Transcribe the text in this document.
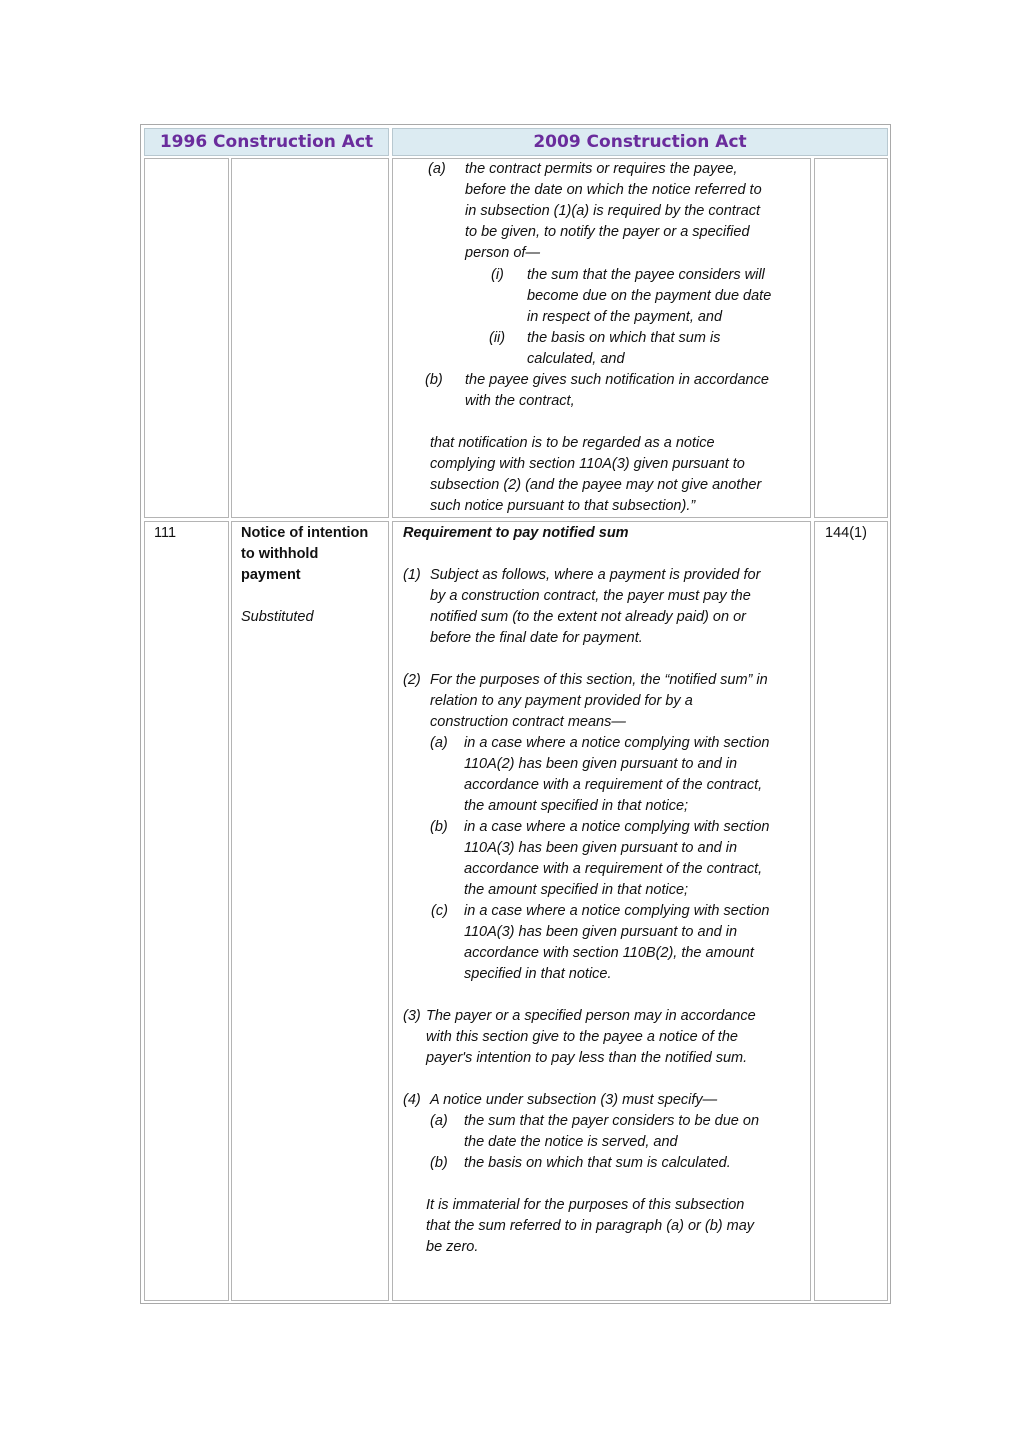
1996 Construction Act	2009 Construction Act
(a) the contract permits or requires the payee,
before the date on which the notice referred to
in subsection (1)(a) is required by the contract
to be given, to notify the payer or a specified
person of—
(i) the sum that the payee considers will
become due on the payment due date
in respect of the payment, and
(ii) the basis on which that sum is
calculated, and
(b) the payee gives such notification in accordance
with the contract,
that notification is to be regarded as a notice
complying with section 110A(3) given pursuant to
subsection (2) (and the payee may not give another
such notice pursuant to that subsection).”
111	Notice of intention
to withhold
payment
Substituted
144(1)
Requirement to pay notified sum
(1) Subject as follows, where a payment is provided for
by a construction contract, the payer must pay the
notified sum (to the extent not already paid) on or
before the final date for payment.
(2) For the purposes of this section, the “notified sum” in
relation to any payment provided for by a
construction contract means—
(a) in a case where a notice complying with section
110A(2) has been given pursuant to and in
accordance with a requirement of the contract,
the amount specified in that notice;
(b) in a case where a notice complying with section
110A(3) has been given pursuant to and in
accordance with a requirement of the contract,
the amount specified in that notice;
(c) in a case where a notice complying with section
110A(3) has been given pursuant to and in
accordance with section 110B(2), the amount
specified in that notice.
(3) The payer or a specified person may in accordance
with this section give to the payee a notice of the
payer's intention to pay less than the notified sum.
(4) A notice under subsection (3) must specify—
(a) the sum that the payer considers to be due on
the date the notice is served, and
(b) the basis on which that sum is calculated.
It is immaterial for the purposes of this subsection
that the sum referred to in paragraph (a) or (b) may
be zero.
